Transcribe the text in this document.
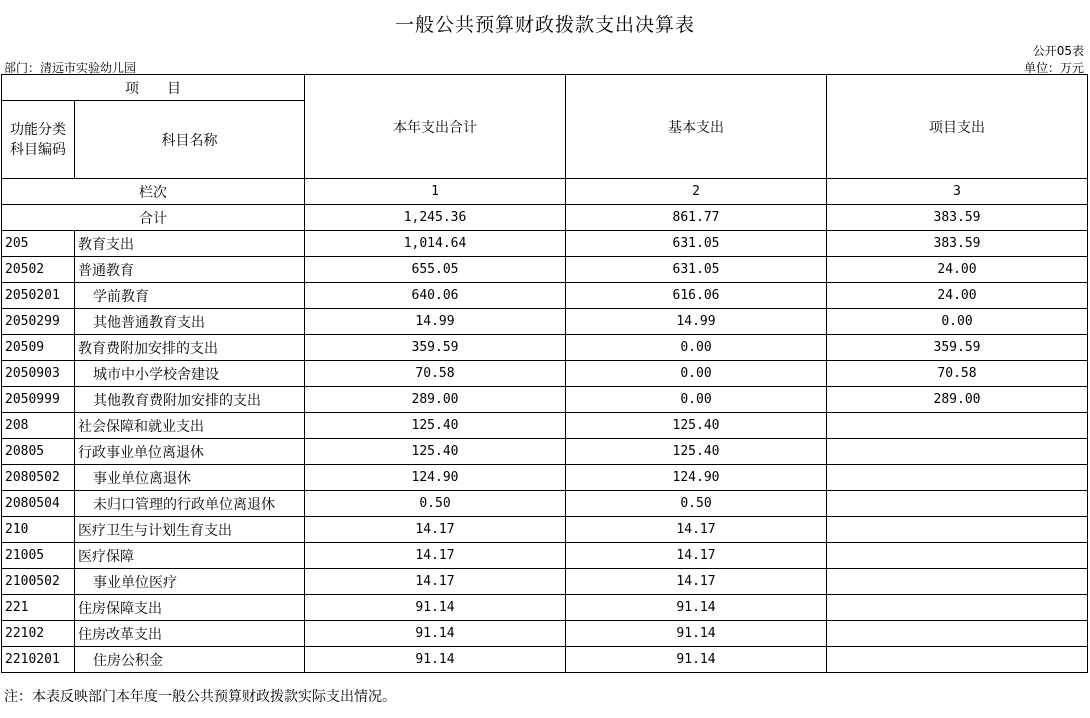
一般公共预算财政拨款支出决算表
公开05表
部门：清远市实验幼儿园	单位：万元
项　　目		本年支出合计	基本支出	项目支出
功能分类
科目编码	科目名称			
栏次		1	2	3
合计		1,245.36	861.77	383.59
205	教育支出	1,014.64	631.05	383.59
20502	普通教育	655.05	631.05	24.00
2050201	学前教育	640.06	616.06	24.00
2050299	其他普通教育支出	14.99	14.99	0.00
20509	教育费附加安排的支出	359.59	0.00	359.59
2050903	城市中小学校舍建设	70.58	0.00	70.58
2050999	其他教育费附加安排的支出	289.00	0.00	289.00
208	社会保障和就业支出	125.40	125.40	
20805	行政事业单位离退休	125.40	125.40	
2080502	事业单位离退休	124.90	124.90	
2080504	未归口管理的行政单位离退休	0.50	0.50	
210	医疗卫生与计划生育支出	14.17	14.17	
21005	医疗保障	14.17	14.17	
2100502	事业单位医疗	14.17	14.17	
221	住房保障支出	91.14	91.14	
22102	住房改革支出	91.14	91.14	
2210201	住房公积金	91.14	91.14	
注：本表反映部门本年度一般公共预算财政拨款实际支出情况。
